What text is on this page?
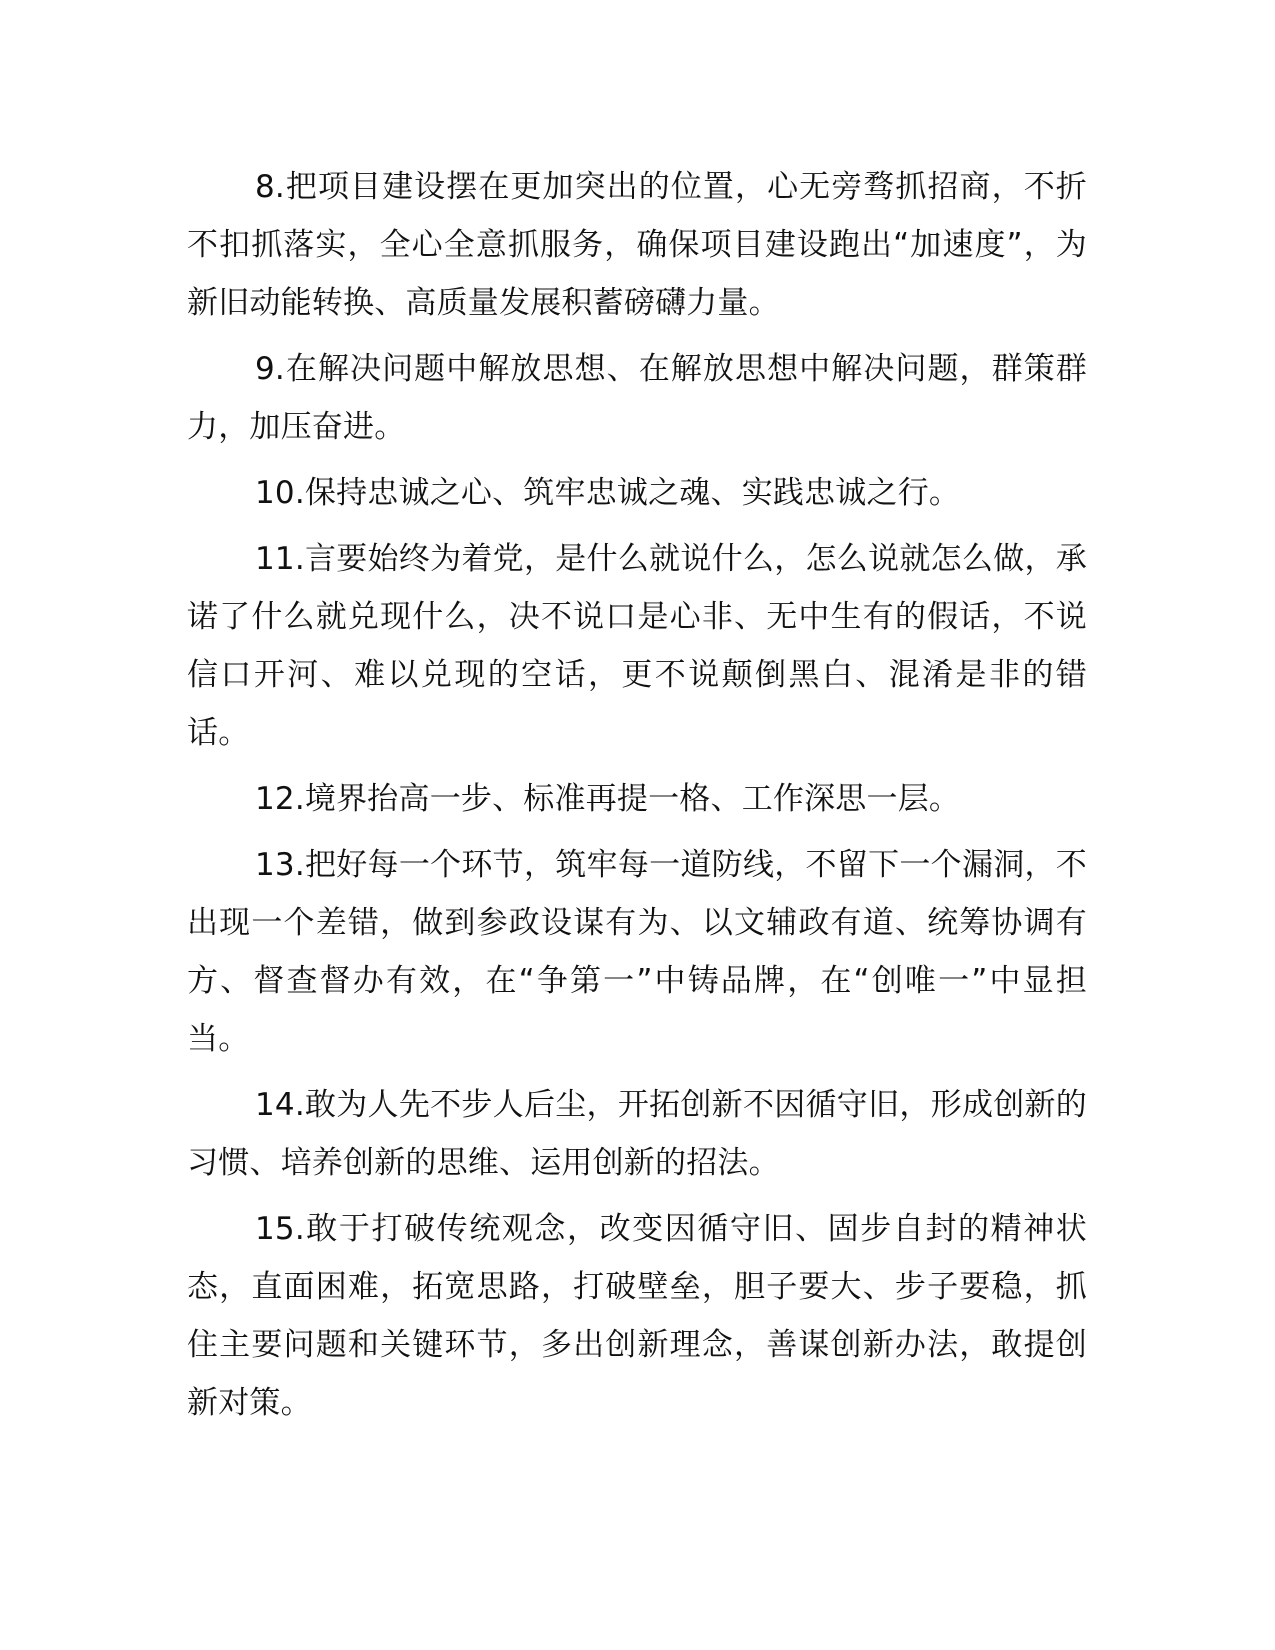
8.把项目建设摆在更加突出的位置，心无旁骛抓招商，不折不扣抓落实，全心全意抓服务，确保项目建设跑出“加速度”，为新旧动能转换、高质量发展积蓄磅礴力量。

9.在解决问题中解放思想、在解放思想中解决问题，群策群力，加压奋进。

10.保持忠诚之心、筑牢忠诚之魂、实践忠诚之行。

11.言要始终为着党，是什么就说什么，怎么说就怎么做，承诺了什么就兑现什么，决不说口是心非、无中生有的假话，不说信口开河、难以兑现的空话，更不说颠倒黑白、混淆是非的错话。

12.境界抬高一步、标准再提一格、工作深思一层。

13.把好每一个环节，筑牢每一道防线，不留下一个漏洞，不出现一个差错，做到参政设谋有为、以文辅政有道、统筹协调有方、督查督办有效，在“争第一”中铸品牌，在“创唯一”中显担当。

14.敢为人先不步人后尘，开拓创新不因循守旧，形成创新的习惯、培养创新的思维、运用创新的招法。

15.敢于打破传统观念，改变因循守旧、固步自封的精神状态，直面困难，拓宽思路，打破壁垒，胆子要大、步子要稳，抓住主要问题和关键环节，多出创新理念，善谋创新办法，敢提创新对策。
